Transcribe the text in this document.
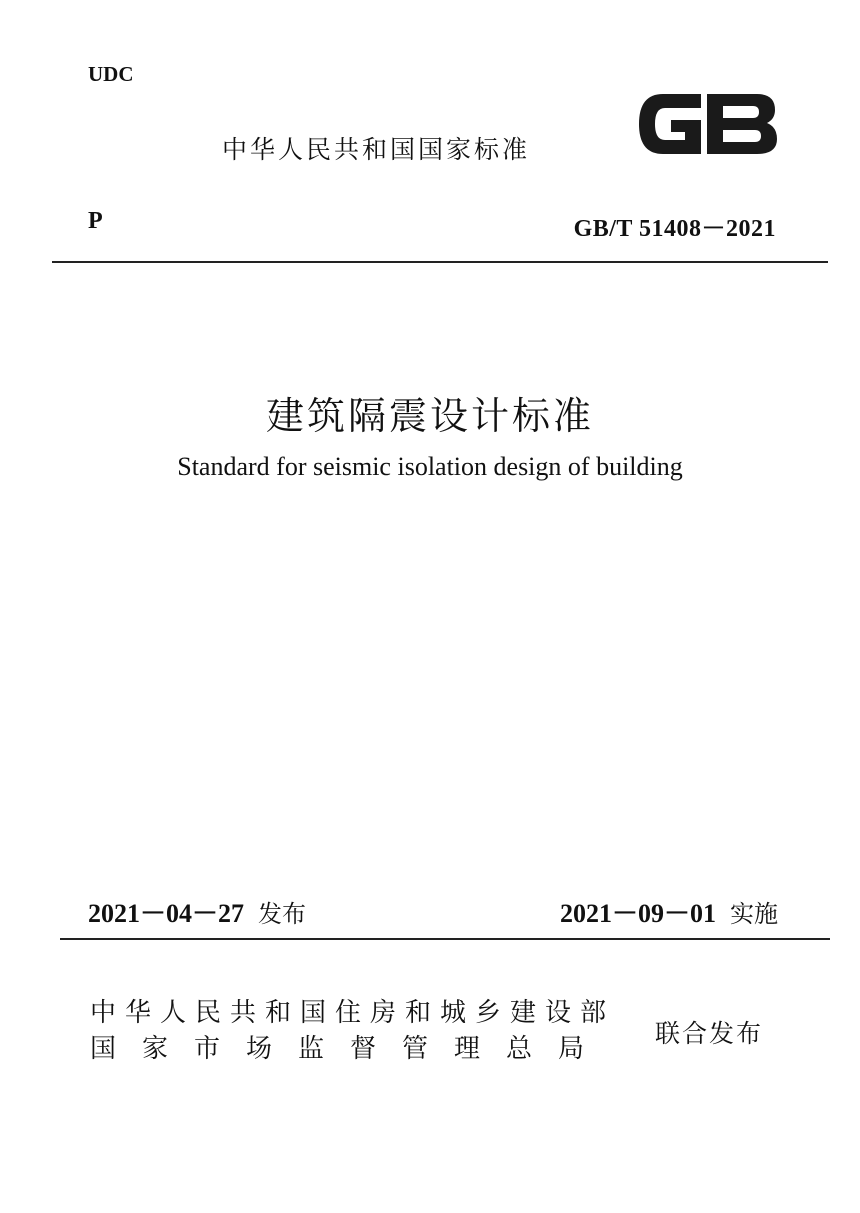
UDC
中华人民共和国国家标准
P	GB/T 51408－2021
建筑隔震设计标准
Standard for seismic isolation design of building
2021－04－27 发布	2021－09－01 实施
中华人民共和国住房和城乡建设部
国家市场监督管理总局
联合发布
